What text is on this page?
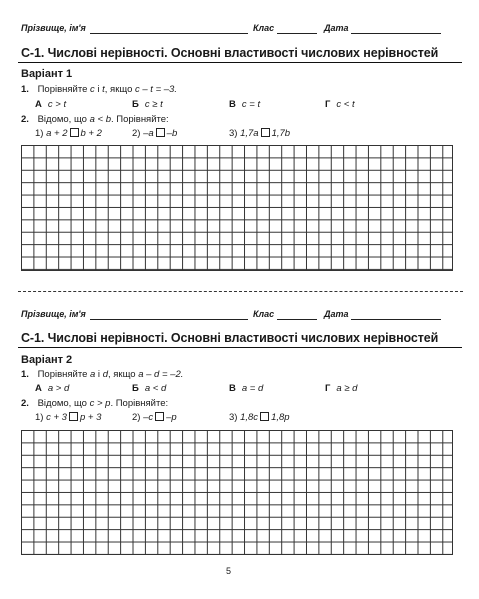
Прізвище, ім'я	Клас	Дата
С-1. Числові нерівності. Основні властивості числових нерівностей
Варіант 1
1. Порівняйте c і t, якщо c – t = –3.
А c > t	Б c ≥ t	В c = t	Г c < t
2. Відомо, що a < b. Порівняйте:
1) a + 2 b + 2	2) –a –b	3) 1,7a 1,7b
Прізвище, ім'я	Клас	Дата
С-1. Числові нерівності. Основні властивості числових нерівностей
Варіант 2
1. Порівняйте a і d, якщо a – d = –2.
А a > d	Б a < d	В a = d	Г a ≥ d
2. Відомо, що c > p. Порівняйте:
1) c + 3 p + 3	2) –c –p	3) 1,8c 1,8p
5
